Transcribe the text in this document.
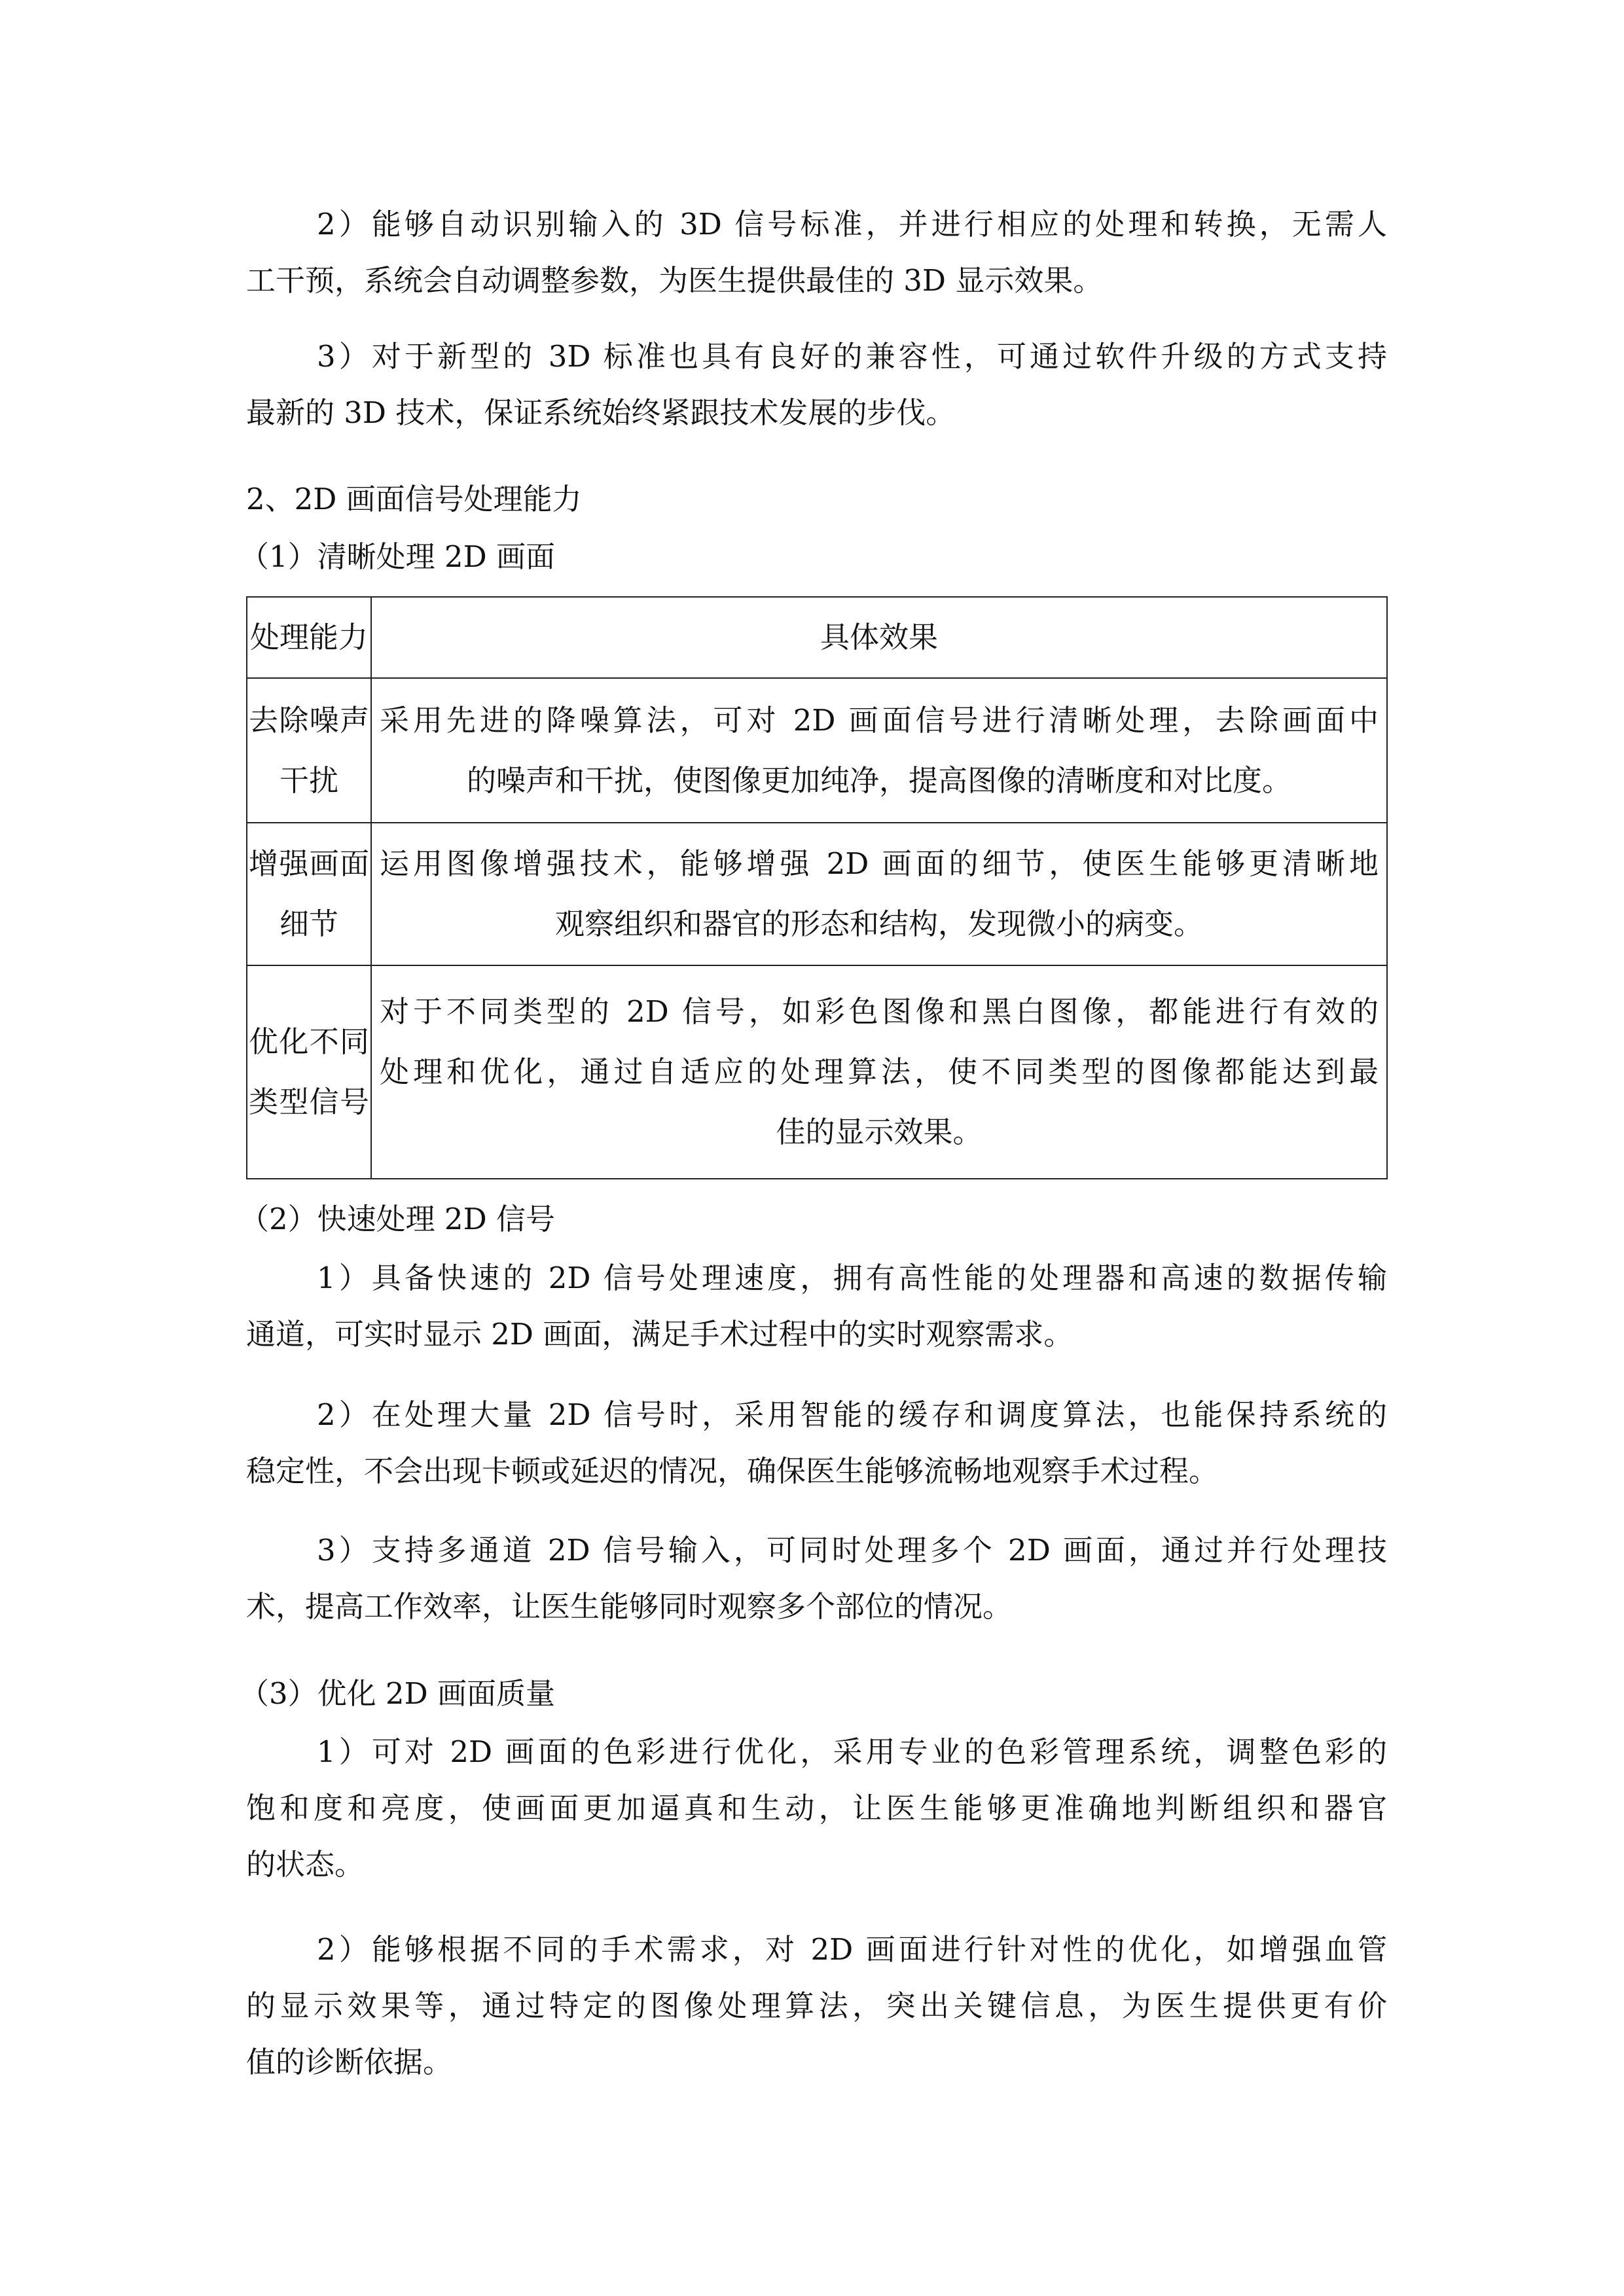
2）能够自动识别输入的 3D 信号标准，并进行相应的处理和转换，无需人
工干预，系统会自动调整参数，为医生提供最佳的 3D 显示效果。
3）对于新型的 3D 标准也具有良好的兼容性，可通过软件升级的方式支持
最新的 3D 技术，保证系统始终紧跟技术发展的步伐。
2、2D 画面信号处理能力
（1）清晰处理 2D 画面
处理能力	具体效果

去除噪声
干扰	采用先进的降噪算法，可对 2D 画面信号进行清晰处理，去除画面中
的噪声和干扰，使图像更加纯净，提高图像的清晰度和对比度。

增强画面
细节	运用图像增强技术，能够增强 2D 画面的细节，使医生能够更清晰地
观察组织和器官的形态和结构，发现微小的病变。

优化不同
类型信号	对于不同类型的 2D 信号，如彩色图像和黑白图像，都能进行有效的
处理和优化，通过自适应的处理算法，使不同类型的图像都能达到最
佳的显示效果。
（2）快速处理 2D 信号
1）具备快速的 2D 信号处理速度，拥有高性能的处理器和高速的数据传输
通道，可实时显示 2D 画面，满足手术过程中的实时观察需求。
2）在处理大量 2D 信号时，采用智能的缓存和调度算法，也能保持系统的
稳定性，不会出现卡顿或延迟的情况，确保医生能够流畅地观察手术过程。
3）支持多通道 2D 信号输入，可同时处理多个 2D 画面，通过并行处理技
术，提高工作效率，让医生能够同时观察多个部位的情况。
（3）优化 2D 画面质量
1）可对 2D 画面的色彩进行优化，采用专业的色彩管理系统，调整色彩的
饱和度和亮度，使画面更加逼真和生动，让医生能够更准确地判断组织和器官
的状态。
2）能够根据不同的手术需求，对 2D 画面进行针对性的优化，如增强血管
的显示效果等，通过特定的图像处理算法，突出关键信息，为医生提供更有价
值的诊断依据。
